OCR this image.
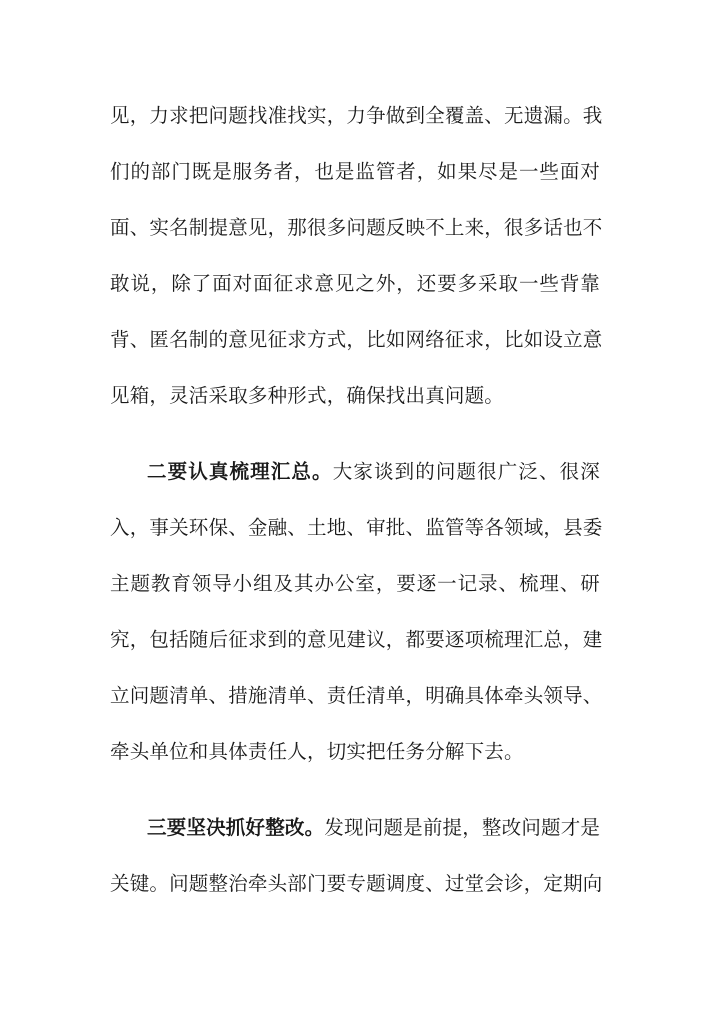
见，力求把问题找准找实，力争做到全覆盖、无遗漏。我
们的部门既是服务者，也是监管者，如果尽是一些面对
面、实名制提意见，那很多问题反映不上来，很多话也不
敢说，除了面对面征求意见之外，还要多采取一些背靠
背、匿名制的意见征求方式，比如网络征求，比如设立意
见箱，灵活采取多种形式，确保找出真问题。
二要认真梳理汇总。大家谈到的问题很广泛、很深
入，事关环保、金融、土地、审批、监管等各领域，县委
主题教育领导小组及其办公室，要逐一记录、梳理、研
究，包括随后征求到的意见建议，都要逐项梳理汇总，建
立问题清单、措施清单、责任清单，明确具体牵头领导、
牵头单位和具体责任人，切实把任务分解下去。
三要坚决抓好整改。发现问题是前提，整改问题才是
关键。问题整治牵头部门要专题调度、过堂会诊，定期向
